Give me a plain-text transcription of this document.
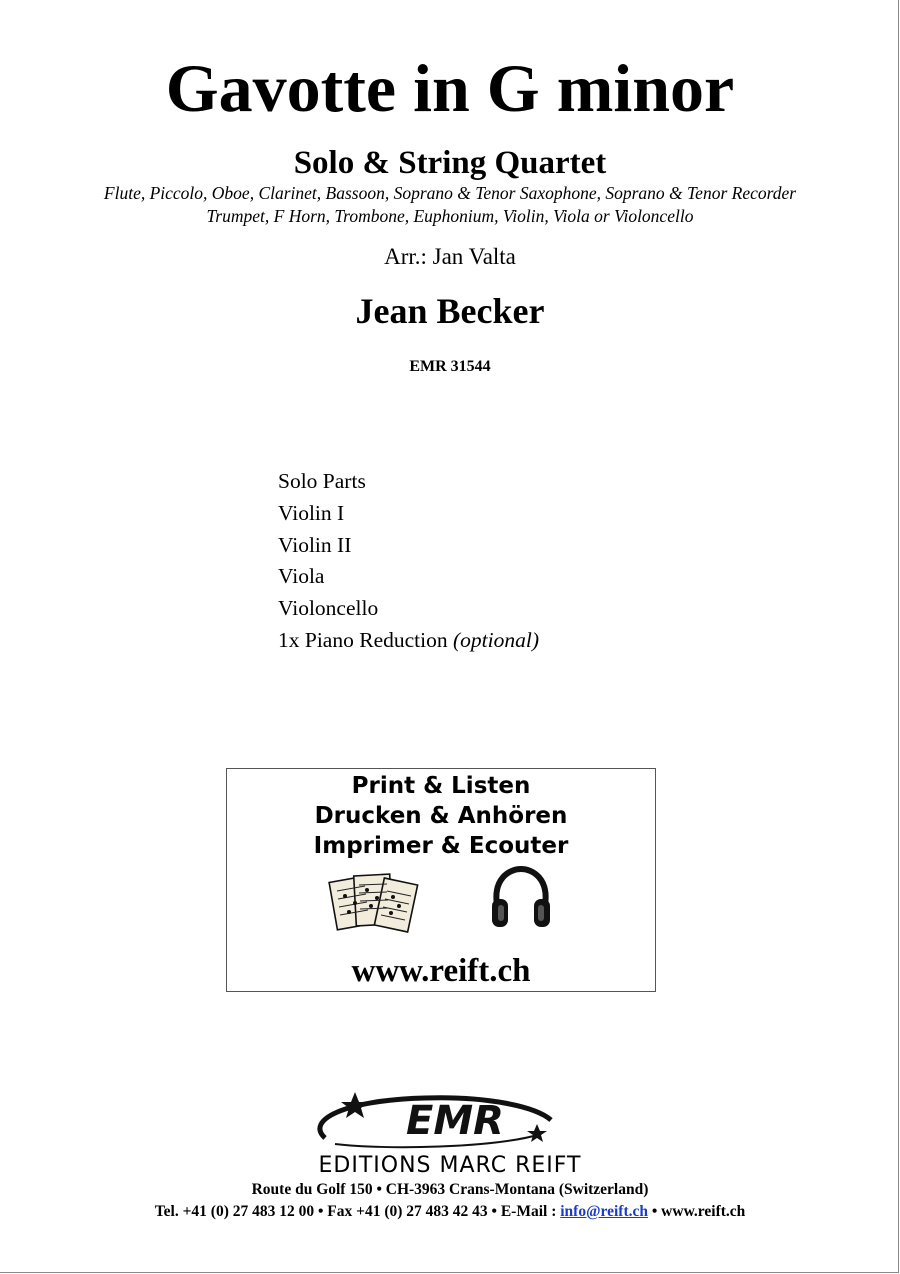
Gavotte in G minor
Solo & String Quartet
Flute, Piccolo, Oboe, Clarinet, Bassoon, Soprano & Tenor Saxophone, Soprano & Tenor Recorder
Trumpet, F Horn, Trombone, Euphonium, Violin, Viola or Violoncello
Arr.: Jan Valta
Jean Becker
EMR 31544
Solo Parts
Violin I
Violin II
Viola
Violoncello
1x Piano Reduction (optional)
Print & Listen
Drucken & Anhören
Imprimer & Ecouter
www.reift.ch
EMR
EDITIONS MARC REIFT
Route du Golf 150 • CH-3963 Crans-Montana (Switzerland)
Tel. +41 (0) 27 483 12 00 • Fax +41 (0) 27 483 42 43 • E-Mail : info@reift.ch • www.reift.ch
